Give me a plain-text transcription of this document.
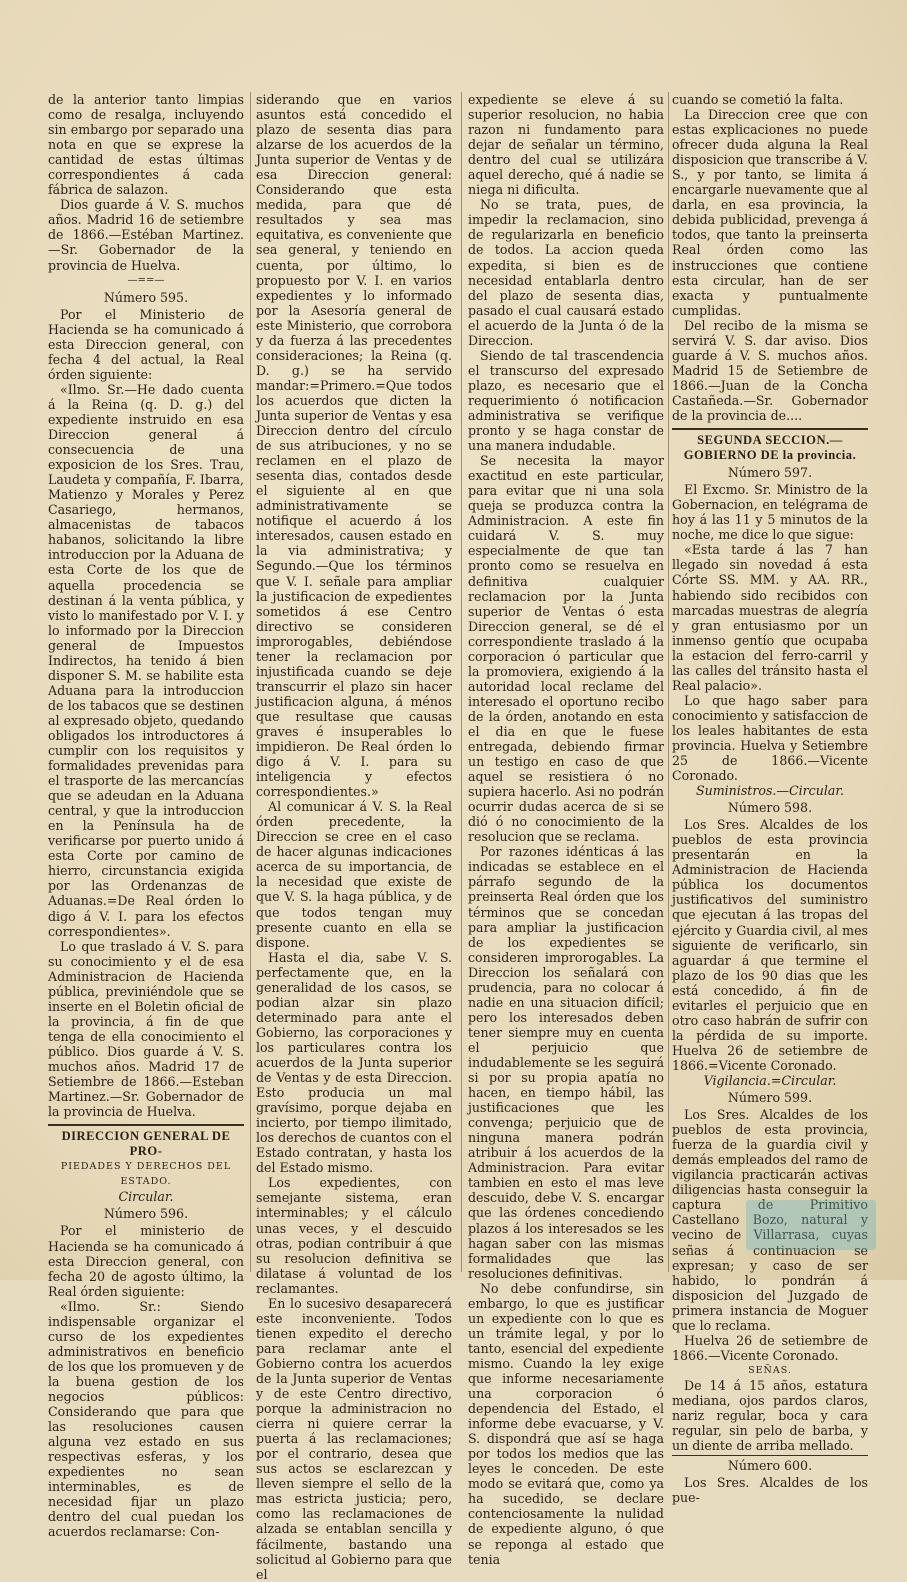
de la anterior tanto limpias como de resalga, incluyendo sin embargo por separado una nota en que se exprese la cantidad de estas últimas correspondientes á cada fábrica de salazon.

Dios guarde á V. S. muchos años. Madrid 16 de setiembre de 1866.—Estéban Martinez.—Sr. Gobernador de la provincia de Huelva.

—==—

Número 595.

Por el Ministerio de Hacienda se ha comunicado á esta Direccion general, con fecha 4 del actual, la Real órden siguiente:

«Ilmo. Sr.—He dado cuenta á la Reina (q. D. g.) del expediente instruido en esa Direccion general á consecuencia de una exposicion de los Sres. Trau, Laudeta y compañía, F. Ibarra, Matienzo y Morales y Perez Casariego, hermanos, almacenistas de tabacos habanos, solicitando la libre introduccion por la Aduana de esta Corte de los que de aquella procedencia se destinan á la venta pública, y visto lo manifestado por V. I. y lo informado por la Direccion general de Impuestos Indirectos, ha tenido á bien disponer S. M. se habilite esta Aduana para la introduccion de los tabacos que se destinen al expresado objeto, quedando obligados los introductores á cumplir con los requisitos y formalidades prevenidas para el trasporte de las mercancías que se adeudan en la Aduana central, y que la introduccion en la Península ha de verificarse por puerto unido á esta Corte por camino de hierro, circunstancia exigida por las Ordenanzas de Aduanas.=De Real órden lo digo á V. I. para los efectos correspondientes».

Lo que traslado á V. S. para su conocimiento y el de esa Administracion de Hacienda pública, previniéndole que se inserte en el Boletin oficial de la provincia, á fin de que tenga de ella conocimiento el público. Dios guarde á V. S. muchos años. Madrid 17 de Setiembre de 1866.—Esteban Martinez.—Sr. Gobernador de la provincia de Huelva.

DIRECCION GENERAL DE PRO-

PIEDADES Y DERECHOS DEL ESTADO.

Circular.

Número 596.

Por el ministerio de Hacienda se ha comunicado á esta Direccion general, con fecha 20 de agosto último, la Real órden siguiente:

«Ilmo. Sr.: Siendo indispensable organizar el curso de los expedientes administrativos en beneficio de los que los promueven y de la buena gestion de los negocios públicos: Considerando que para que las resoluciones causen alguna vez estado en sus respectivas esferas, y los expedientes no sean interminables, es de necesidad fijar un plazo dentro del cual puedan los acuerdos reclamarse: Con-

siderando que en varios asuntos está concedido el plazo de sesenta dias para alzarse de los acuerdos de la Junta superior de Ventas y de esa Direccion general: Considerando que esta medida, para que dé resultados y sea mas equitativa, es conveniente que sea general, y teniendo en cuenta, por último, lo propuesto por V. I. en varios expedientes y lo informado por la Asesoría general de este Ministerio, que corrobora y da fuerza á las precedentes consideraciones; la Reina (q. D. g.) se ha servido mandar:=Primero.=Que todos los acuerdos que dicten la Junta superior de Ventas y esa Direccion dentro del círculo de sus atribuciones, y no se reclamen en el plazo de sesenta dias, contados desde el siguiente al en que administrativamente se notifique el acuerdo á los interesados, causen estado en la via administrativa; y Segundo.—Que los términos que V. I. señale para ampliar la justificacion de expedientes sometidos á ese Centro directivo se consideren improrogables, debiéndose tener la reclamacion por injustificada cuando se deje transcurrir el plazo sin hacer justificacion alguna, á ménos que resultase que causas graves é insuperables lo impidieron. De Real órden lo digo á V. I. para su inteligencia y efectos correspondientes.»

Al comunicar á V. S. la Real órden precedente, la Direccion se cree en el caso de hacer algunas indicaciones acerca de su importancia, de la necesidad que existe de que V. S. la haga pública, y de que todos tengan muy presente cuanto en ella se dispone.

Hasta el dia, sabe V. S. perfectamente que, en la generalidad de los casos, se podian alzar sin plazo determinado para ante el Gobierno, las corporaciones y los particulares contra los acuerdos de la Junta superior de Ventas y de esta Direccion. Esto producia un mal gravísimo, porque dejaba en incierto, por tiempo ilimitado, los derechos de cuantos con el Estado contratan, y hasta los del Estado mismo.

Los expedientes, con semejante sistema, eran interminables; y el cálculo unas veces, y el descuido otras, podian contribuir á que su resolucion definitiva se dilatase á voluntad de los reclamantes.

En lo sucesivo desaparecerá este inconveniente. Todos tienen expedito el derecho para reclamar ante el Gobierno contra los acuerdos de la Junta superior de Ventas y de este Centro directivo, porque la administracion no cierra ni quiere cerrar la puerta á las reclamaciones; por el contrario, desea que sus actos se esclarezcan y lleven siempre el sello de la mas estricta justicia; pero, como las reclamaciones de alzada se entablan sencilla y fácilmente, bastando una solicitud al Gobierno para que el

expediente se eleve á su superior resolucion, no habia razon ni fundamento para dejar de señalar un término, dentro del cual se utilizára aquel derecho, qué á nadie se niega ni dificulta.

No se trata, pues, de impedir la reclamacion, sino de regularizarla en beneficio de todos. La accion queda expedita, si bien es de necesidad entablarla dentro del plazo de sesenta dias, pasado el cual causará estado el acuerdo de la Junta ó de la Direccion.

Siendo de tal trascendencia el transcurso del expresado plazo, es necesario que el requerimiento ó notificacion administrativa se verifique pronto y se haga constar de una manera indudable.

Se necesita la mayor exactitud en este particular, para evitar que ni una sola queja se produzca contra la Administracion. A este fin cuidará V. S. muy especialmente de que tan pronto como se resuelva en definitiva cualquier reclamacion por la Junta superior de Ventas ó esta Direccion general, se dé el correspondiente traslado á la corporacion ó particular que la promoviera, exigiendo á la autoridad local reclame del interesado el oportuno recibo de la órden, anotando en esta el dia en que le fuese entregada, debiendo firmar un testigo en caso de que aquel se resistiera ó no supiera hacerlo. Asi no podrán ocurrir dudas acerca de si se dió ó no conocimiento de la resolucion que se reclama.

Por razones idénticas á las indicadas se establece en el párrafo segundo de la preinserta Real órden que los términos que se concedan para ampliar la justificacion de los expedientes se consideren improrogables. La Direccion los señalará con prudencia, para no colocar á nadie en una situacion difícil; pero los interesados deben tener siempre muy en cuenta el perjuicio que indudablemente se les seguirá si por su propia apatía no hacen, en tiempo hábil, las justificaciones que les convenga; perjuicio que de ninguna manera podrán atribuir á los acuerdos de la Administracion. Para evitar tambien en esto el mas leve descuido, debe V. S. encargar que las órdenes concediendo plazos á los interesados se les hagan saber con las mismas formalidades que las resoluciones definitivas.

No debe confundirse, sin embargo, lo que es justificar un expediente con lo que es un trámite legal, y por lo tanto, esencial del expediente mismo. Cuando la ley exige que informe necesariamente una corporacion ó dependencia del Estado, el informe debe evacuarse, y V. S. dispondrá que así se haga por todos los medios que las leyes le conceden. De este modo se evitará que, como ya ha sucedido, se declare contenciosamente la nulidad de expediente alguno, ó que se reponga al estado que tenia

cuando se cometió la falta.

La Direccion cree que con estas explicaciones no puede ofrecer duda alguna la Real disposicion que transcribe á V. S., y por tanto, se limita á encargarle nuevamente que al darla, en esa provincia, la debida publicidad, prevenga á todos, que tanto la preinserta Real órden como las instrucciones que contiene esta circular, han de ser exacta y puntualmente cumplidas.

Del recibo de la misma se servirá V. S. dar aviso. Dios guarde á V. S. muchos años. Madrid 15 de Setiembre de 1866.—Juan de la Concha Castañeda.—Sr. Gobernador de la provincia de....

SEGUNDA SECCION.—GOBIERNO DE la provincia.

Número 597.

El Excmo. Sr. Ministro de la Gobernacion, en telégrama de hoy á las 11 y 5 minutos de la noche, me dice lo que sigue:

«Esta tarde á las 7 han llegado sin novedad á esta Córte SS. MM. y AA. RR., habiendo sido recibidos con marcadas muestras de alegría y gran entusiasmo por un inmenso gentío que ocupaba la estacion del ferro-carril y las calles del tránsito hasta el Real palacio».

Lo que hago saber para conocimiento y satisfaccion de los leales habitantes de esta provincia. Huelva y Setiembre 25 de 1866.—Vicente Coronado.

Suministros.—Circular.

Número 598.

Los Sres. Alcaldes de los pueblos de esta provincia presentarán en la Administracion de Hacienda pública los documentos justificativos del suministro que ejecutan á las tropas del ejército y Guardia civil, al mes siguiente de verificarlo, sin aguardar á que termine el plazo de los 90 dias que les está concedido, á fin de evitarles el perjuicio que en otro caso habrán de sufrir con la pérdida de su importe. Huelva 26 de setiembre de 1866.=Vicente Coronado.

Vigilancia.=Circular.

Número 599.

Los Sres. Alcaldes de los pueblos de esta provincia, fuerza de la guardia civil y demás empleados del ramo de vigilancia practicarán activas diligencias hasta conseguir la captura de Primitivo Castellano Bozo, natural y vecino de Villarrasa, cuyas señas á continuacion se expresan; y caso de ser habido, lo pondrán á disposicion del Juzgado de primera instancia de Moguer que lo reclama.

Huelva 26 de setiembre de 1866.—Vicente Coronado.

SEÑAS.

De 14 á 15 años, estatura mediana, ojos pardos claros, nariz regular, boca y cara regular, sin pelo de barba, y un diente de arriba mellado.

Número 600.

Los Sres. Alcaldes de los pue-
